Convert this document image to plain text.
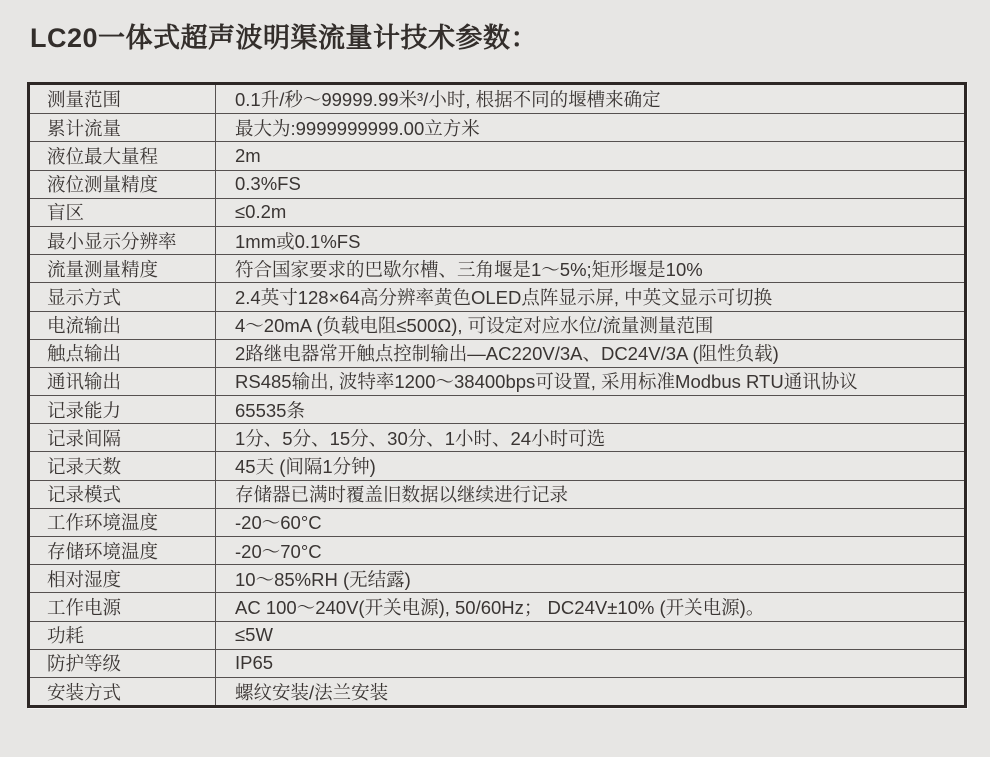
LC20一体式超声波明渠流量计技术参数：
测量范围	0.1升/秒～99999.99米³/小时, 根据不同的堰槽来确定
累计流量	最大为:9999999999.00立方米
液位最大量程	2m
液位测量精度	0.3%FS
盲区	≤0.2m
最小显示分辨率	1mm或0.1%FS
流量测量精度	符合国家要求的巴歇尔槽、三角堰是1～5%;矩形堰是10%
显示方式	2.4英寸128×64高分辨率黄色OLED点阵显示屏, 中英文显示可切换
电流输出	4～20mA (负载电阻≤500Ω), 可设定对应水位/流量测量范围
触点输出	2路继电器常开触点控制输出—AC220V/3A、DC24V/3A (阻性负载)
通讯输出	RS485输出, 波特率1200～38400bps可设置, 采用标准Modbus RTU通讯协议
记录能力	65535条
记录间隔	1分、5分、15分、30分、1小时、24小时可选
记录天数	45天 (间隔1分钟)
记录模式	存储器已满时覆盖旧数据以继续进行记录
工作环境温度	-20～60°C
存储环境温度	-20～70°C
相对湿度	10～85%RH (无结露)
工作电源	AC 100～240V(开关电源), 50/60Hz； DC24V±10% (开关电源)。
功耗	≤5W
防护等级	IP65
安装方式	螺纹安装/法兰安装
